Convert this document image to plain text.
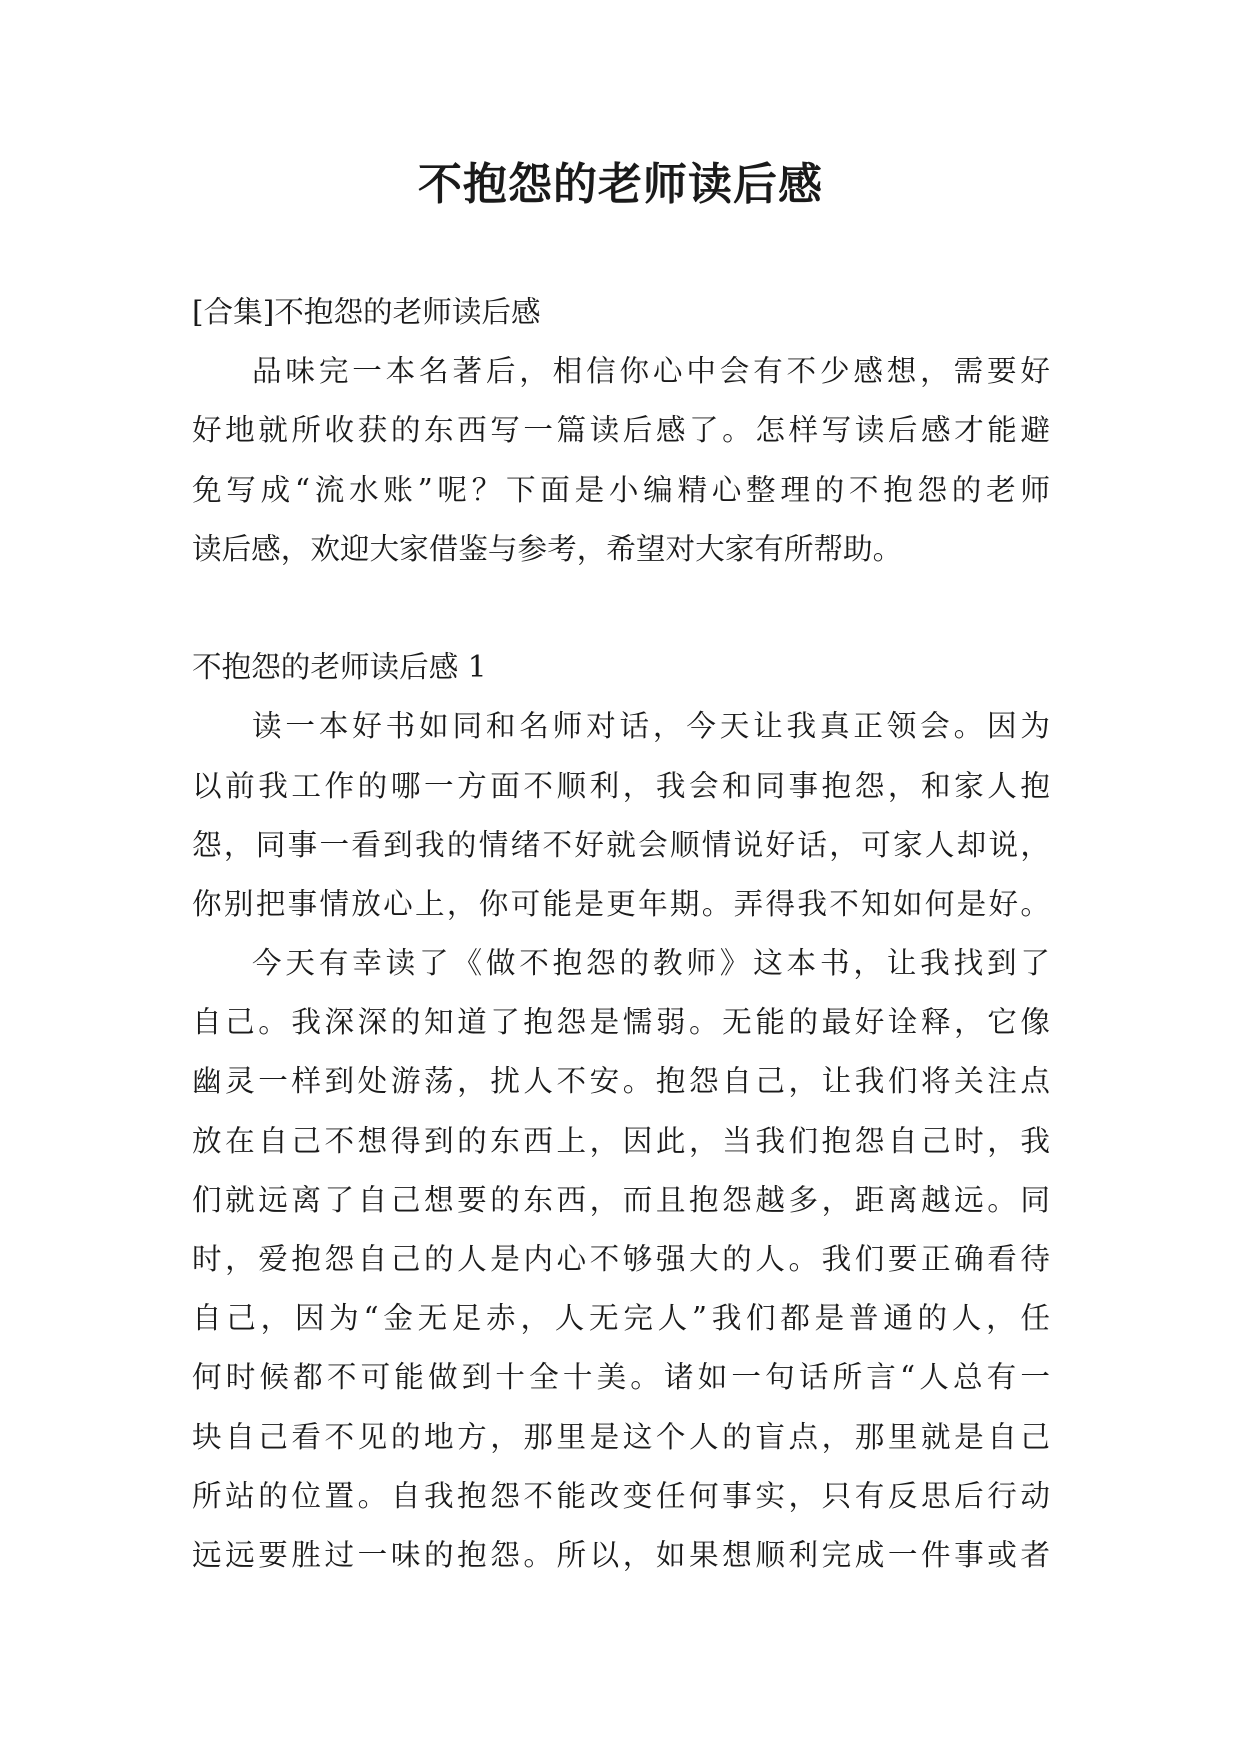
不抱怨的老师读后感
[合集]不抱怨的老师读后感
品味完一本名著后，相信你心中会有不少感想，需要好
好地就所收获的东西写一篇读后感了。怎样写读后感才能避
免写成“流水账”呢？下面是小编精心整理的不抱怨的老师
读后感，欢迎大家借鉴与参考，希望对大家有所帮助。
不抱怨的老师读后感 1
读一本好书如同和名师对话，今天让我真正领会。因为
以前我工作的哪一方面不顺利，我会和同事抱怨，和家人抱
怨，同事一看到我的情绪不好就会顺情说好话，可家人却说，
你别把事情放心上，你可能是更年期。弄得我不知如何是好。
今天有幸读了《做不抱怨的教师》这本书，让我找到了
自己。我深深的知道了抱怨是懦弱。无能的最好诠释，它像
幽灵一样到处游荡，扰人不安。抱怨自己，让我们将关注点
放在自己不想得到的东西上，因此，当我们抱怨自己时，我
们就远离了自己想要的东西，而且抱怨越多，距离越远。同
时，爱抱怨自己的人是内心不够强大的人。我们要正确看待
自己，因为“金无足赤，人无完人”我们都是普通的人，任
何时候都不可能做到十全十美。诸如一句话所言“人总有一
块自己看不见的地方，那里是这个人的盲点，那里就是自己
所站的位置。自我抱怨不能改变任何事实，只有反思后行动
远远要胜过一味的抱怨。所以，如果想顺利完成一件事或者
